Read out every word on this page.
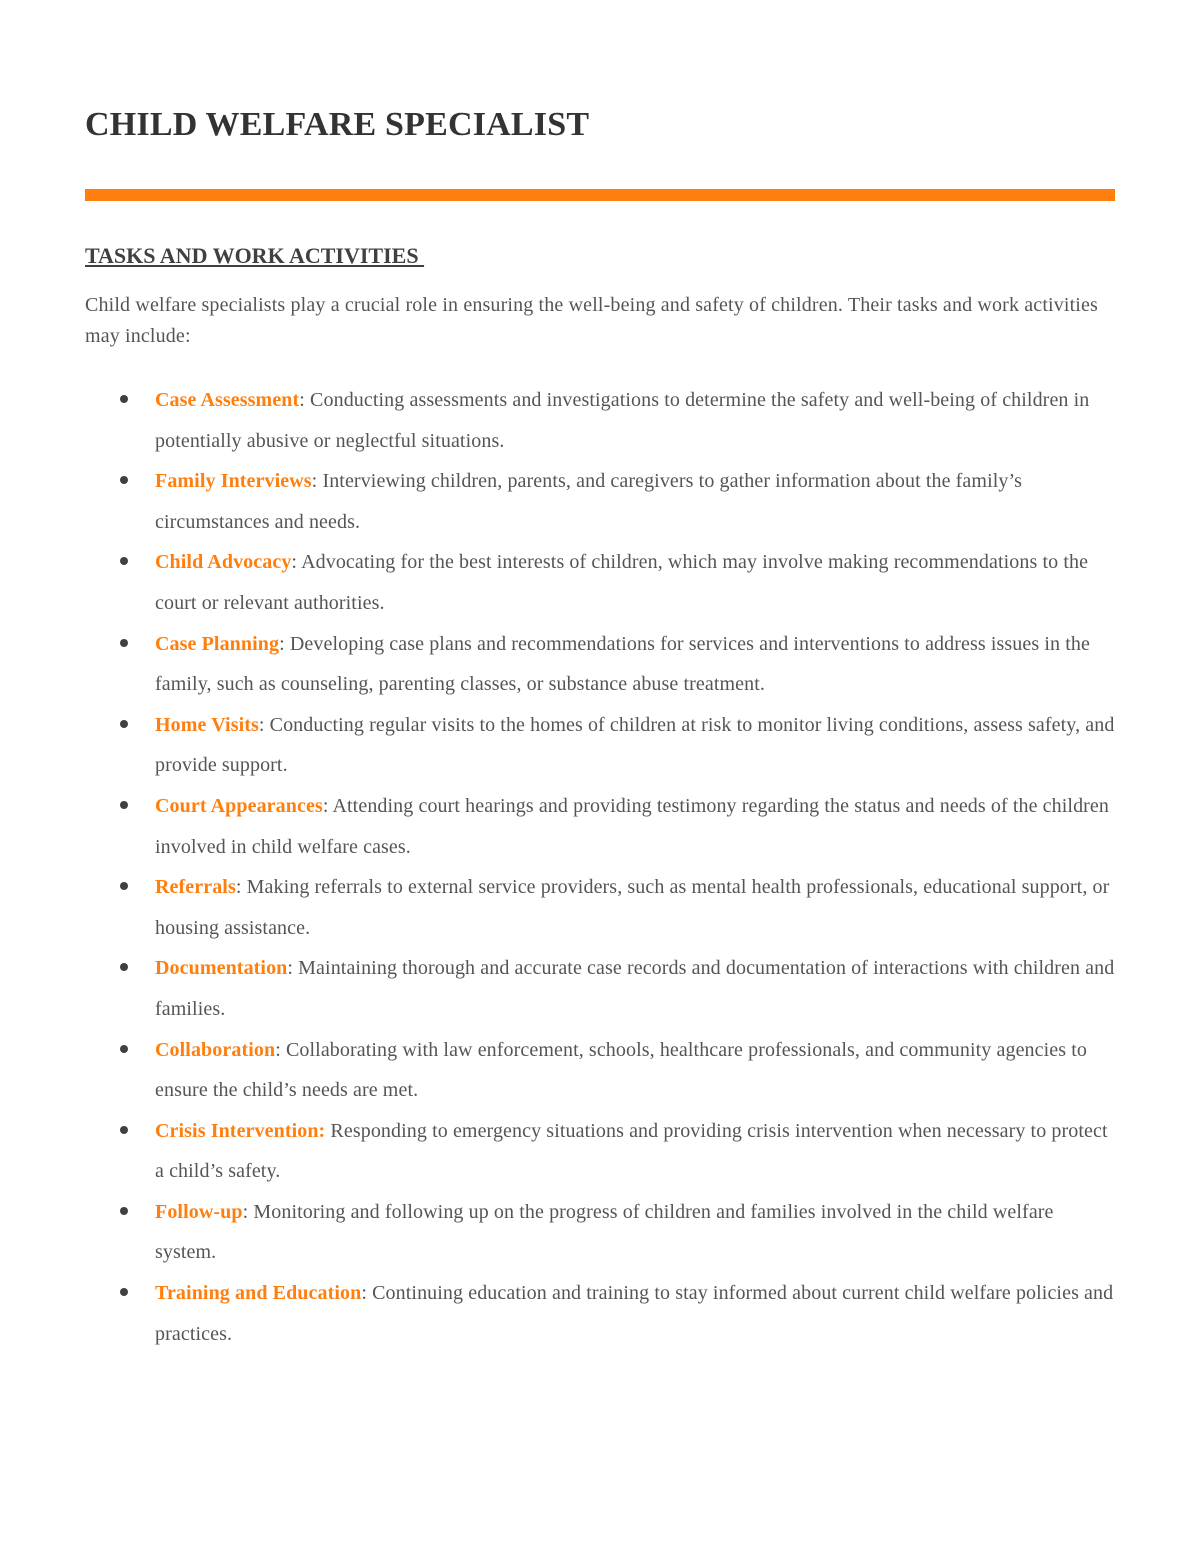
CHILD WELFARE SPECIALIST
TASKS AND WORK ACTIVITIES

Child welfare specialists play a crucial role in ensuring the well-being and safety of children. Their tasks and work activities may include:

Case Assessment: Conducting assessments and investigations to determine the safety and well-being of children in potentially abusive or neglectful situations.
Family Interviews: Interviewing children, parents, and caregivers to gather information about the family’s circumstances and needs.
Child Advocacy: Advocating for the best interests of children, which may involve making recommendations to the court or relevant authorities.
Case Planning: Developing case plans and recommendations for services and interventions to address issues in the family, such as counseling, parenting classes, or substance abuse treatment.
Home Visits: Conducting regular visits to the homes of children at risk to monitor living conditions, assess safety, and provide support.
Court Appearances: Attending court hearings and providing testimony regarding the status and needs of the children involved in child welfare cases.
Referrals: Making referrals to external service providers, such as mental health professionals, educational support, or housing assistance.
Documentation: Maintaining thorough and accurate case records and documentation of interactions with children and families.
Collaboration: Collaborating with law enforcement, schools, healthcare professionals, and community agencies to ensure the child’s needs are met.
Crisis Intervention: Responding to emergency situations and providing crisis intervention when necessary to protect a child’s safety.
Follow-up: Monitoring and following up on the progress of children and families involved in the child welfare system.
Training and Education: Continuing education and training to stay informed about current child welfare policies and practices.
